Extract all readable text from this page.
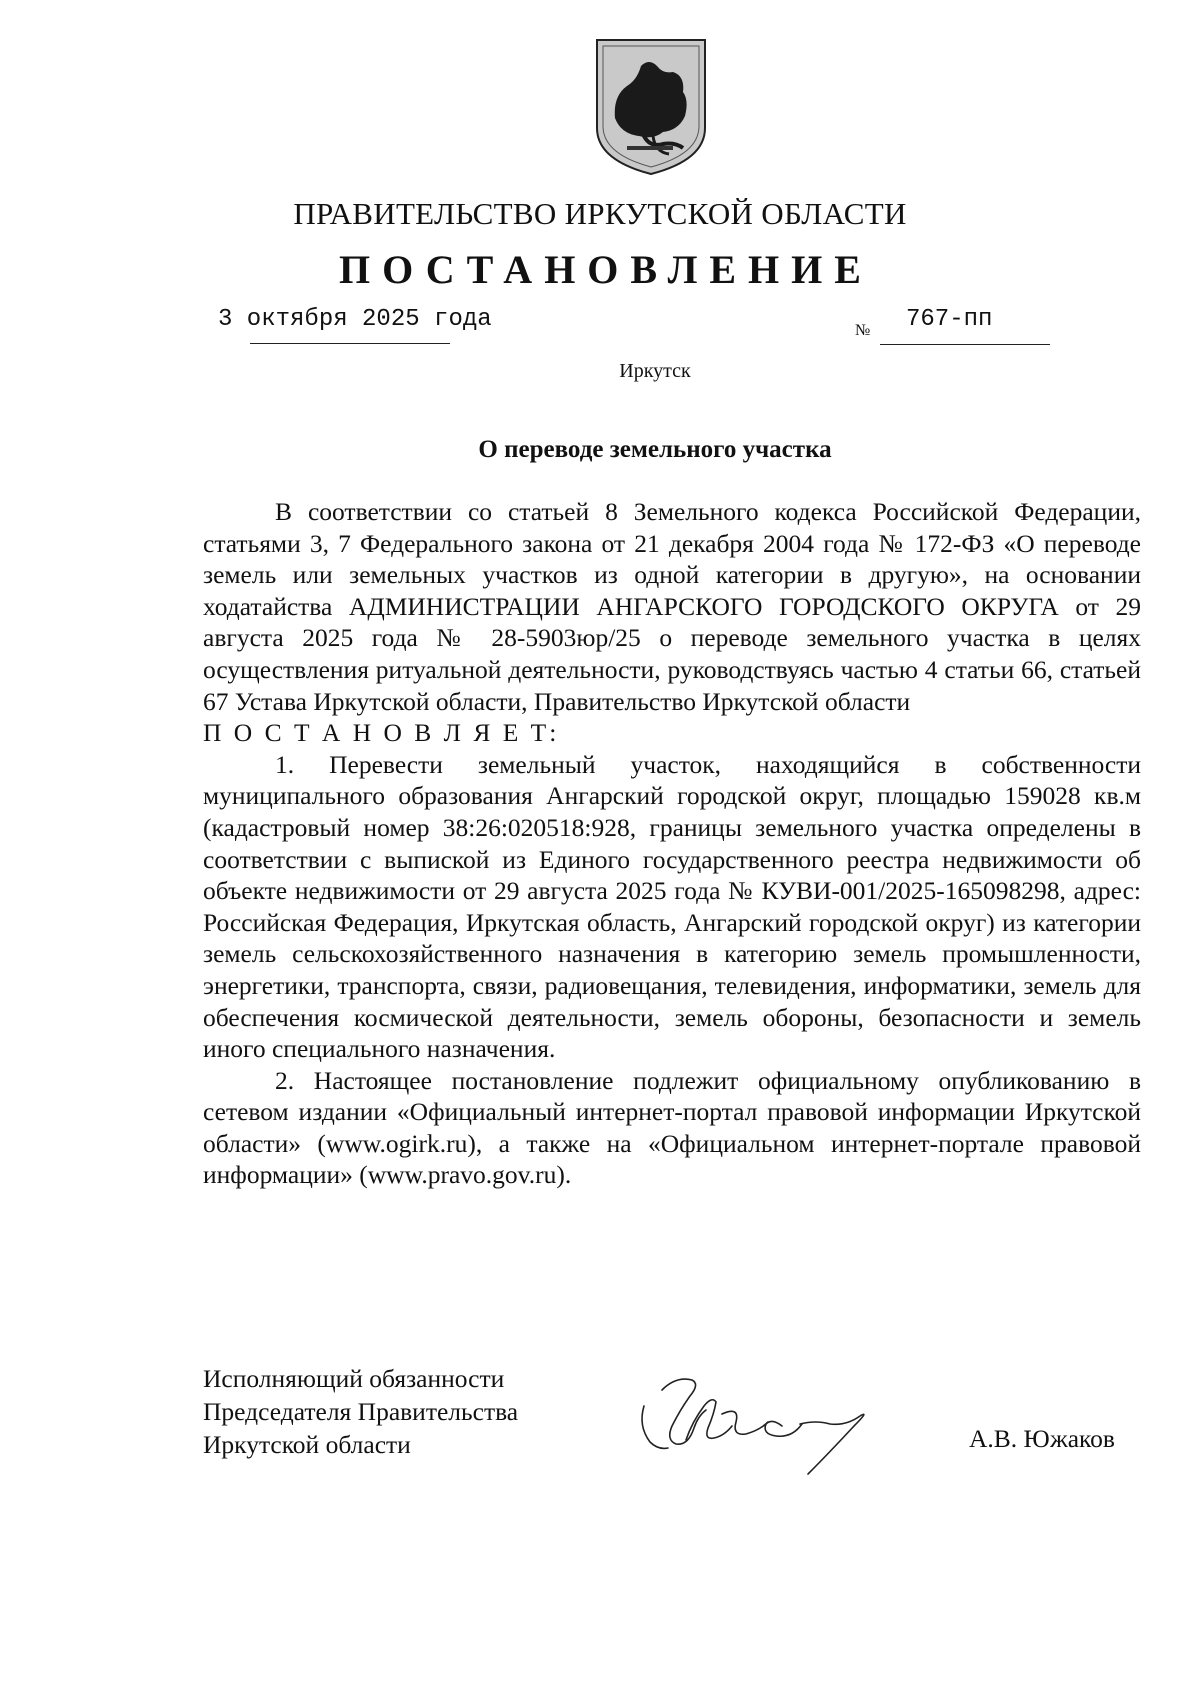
ПРАВИТЕЛЬСТВО ИРКУТСКОЙ ОБЛАСТИ
ПОСТАНОВЛЕНИЕ
3 октября 2025 года	№ 767-пп
Иркутск
О переводе земельного участка

В соответствии со статьей 8 Земельного кодекса Российской Федерации, статьями 3, 7 Федерального закона от 21 декабря 2004 года № 172-ФЗ «О переводе земель или земельных участков из одной категории в другую», на основании ходатайства АДМИНИСТРАЦИИ АНГАРСКОГО ГОРОДСКОГО ОКРУГА от 29 августа 2025 года № 28-5903юр/25 о переводе земельного участка в целях осуществления ритуальной деятельности, руководствуясь частью 4 статьи 66, статьей 67 Устава Иркутской области, Правительство Иркутской области

П О С Т А Н О В Л Я Е Т:

1. Перевести земельный участок, находящийся в собственности муниципального образования Ангарский городской округ, площадью 159028 кв.м (кадастровый номер 38:26:020518:928, границы земельного участка определены в соответствии с выпиской из Единого государственного реестра недвижимости об объекте недвижимости от 29 августа 2025 года № КУВИ-001/2025-165098298, адрес: Российская Федерация, Иркутская область, Ангарский городской округ) из категории земель сельскохозяйственного назначения в категорию земель промышленности, энергетики, транспорта, связи, радиовещания, телевидения, информатики, земель для обеспечения космической деятельности, земель обороны, безопасности и земель иного специального назначения.

2. Настоящее постановление подлежит официальному опубликованию в сетевом издании «Официальный интернет-портал правовой информации Иркутской области» (www.ogirk.ru), а также на «Официальном интернет-портале правовой информации» (www.pravo.gov.ru).

Исполняющий обязанности
Председателя Правительства
Иркутской области	А.В. Южаков
